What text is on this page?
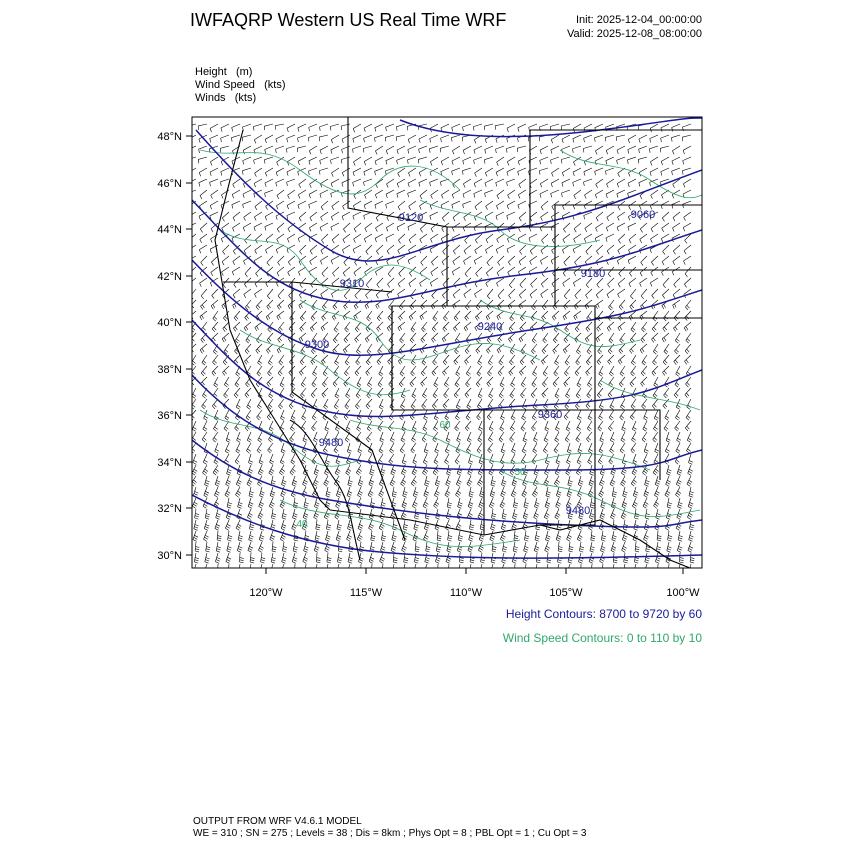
IWFAQRP Western US Real Time WRF	Init: 2025-12-04_00:00:00
Valid: 2025-12-08_08:00:00
Height (m)
Wind Speed (kts)
Winds (kts)
30°N
32°N
34°N
36°N
38°N
40°N
42°N
44°N
46°N
48°N
120°W	115°W	110°W	105°W	100°W
9120	9060
9180
9310
9240
9300
9360
9480
9480
60
50
40
Height Contours: 8700 to 9720 by 60
Wind Speed Contours: 0 to 110 by 10
OUTPUT FROM WRF V4.6.1 MODEL
WE = 310 ; SN = 275 ; Levels = 38 ; Dis = 8km ; Phys Opt = 8 ; PBL Opt = 1 ; Cu Opt = 3
